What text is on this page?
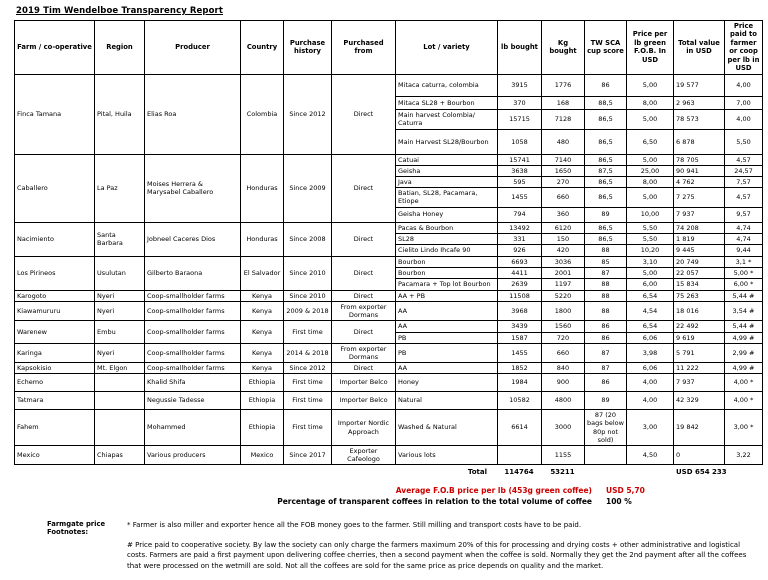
2019 Tim Wendelboe Transparency Report
Farm / co-operative	Region	Producer	Country	Purchase history	Purchased from	Lot / variety	lb bought	Kg bought	TW SCA cup score	Price per lb green F.O.B. In USD	Total value in USD	Price paid to farmer or coop per lb in USD
Finca Tamana	Pital, Huila	Elias Roa	Colombia	Since 2012	Direct	Mitaca caturra, colombia	3915	1776	86	5,00	19 577	4,00
						Mitaca SL28 + Bourbon	370	168	88,5	8,00	2 963	7,00
						Main harvest Colombia/ Caturra	15715	7128	86,5	5,00	78 573	4,00
						Main Harvest SL28/Bourbon	1058	480	86,5	6,50	6 878	5,50
Caballero	La Paz	Moises Herrera & Marysabel Caballero	Honduras	Since 2009	Direct	Catuai	15741	7140	86,5	5,00	78 705	4,57
						Geisha	3638	1650	87,5	25,00	90 941	24,57
						Java	595	270	86,5	8,00	4 762	7,57
						Batian, SL28, Pacamara, Etiope	1455	660	86,5	5,00	7 275	4,57
						Geisha Honey	794	360	89	10,00	7 937	9,57
Nacimiento	Santa Barbara	Jobneel Caceres Dios	Honduras	Since 2008	Direct	Pacas & Bourbon	13492	6120	86,5	5,50	74 208	4,74
						SL28	331	150	86,5	5,50	1 819	4,74
						Cielito Lindo Ihcafe 90	926	420	88	10,20	9 445	9,44
Los Pirineos	Usulutan	Gilberto Baraona	El Salvador	Since 2010	Direct	Bourbon	6693	3036	85	3,10	20 749	3,1 *
						Bourbon	4411	2001	87	5,00	22 057	5,00 *
						Pacamara + Top lot Bourbon	2639	1197	88	6,00	15 834	6,00 *
Karogoto	Nyeri	Coop-smallholder farms	Kenya	Since 2010	Direct	AA + PB	11508	5220	88	6,54	75 263	5,44 #
Kiawamururu	Nyeri	Coop-smallholder farms	Kenya	2009 & 2018	From exporter Dormans	AA	3968	1800	88	4,54	18 016	3,54 #
Warenew	Embu	Coop-smallholder farms	Kenya	First time	Direct	AA	3439	1560	86	6,54	22 492	5,44 #
						PB	1587	720	86	6,06	9 619	4,99 #
Karinga	Nyeri	Coop-smallholder farms	Kenya	2014 & 2018	From exporter Dormans	PB	1455	660	87	3,98	5 791	2,99 #
Kapsokisio	Mt. Elgon	Coop-smallholder farms	Kenya	Since 2012	Direct	AA	1852	840	87	6,06	11 222	4,99 #
Echemo		Khalid Shifa	Ethiopia	First time	Importer Belco	Honey	1984	900	86	4,00	7 937	4,00 *
Tatmara		Negussie Tadesse	Ethiopia	First time	Importer Belco	Natural	10582	4800	89	4,00	42 329	4,00 *
Fahem		Mohammed	Ethiopia	First time	Importer Nordic Approach	Washed & Natural	6614	3000	87 (20 bags below 80p not sold)	3,00	19 842	3,00 *
Mexico	Chiapas	Various producers	Mexico	Since 2017	Exporter Cafeologo	Various lots		1155		4,50	0	3,22
Total	114764	53211	USD 654 233
Average F.O.B price per lb (453g green coffee) USD 5,70
Percentage of transparent coffees in relation to the total volume of coffee 100 %
Farmgate price Footnotes:

* Farmer is also miller and exporter hence all the FOB money goes to the farmer. Still milling and transport costs have to be paid.

# Price paid to cooperative society. By law the society can only charge the farmers maximum 20% of this for processing and drying costs + other administrative and logistical costs. Farmers are paid a first payment upon delivering coffee cherries, then a second payment when the coffee is sold. Normally they get the 2nd payment after all the coffees that were processed on the wetmill are sold. Not all the coffees are sold for the same price as price depends on quality and the market.
